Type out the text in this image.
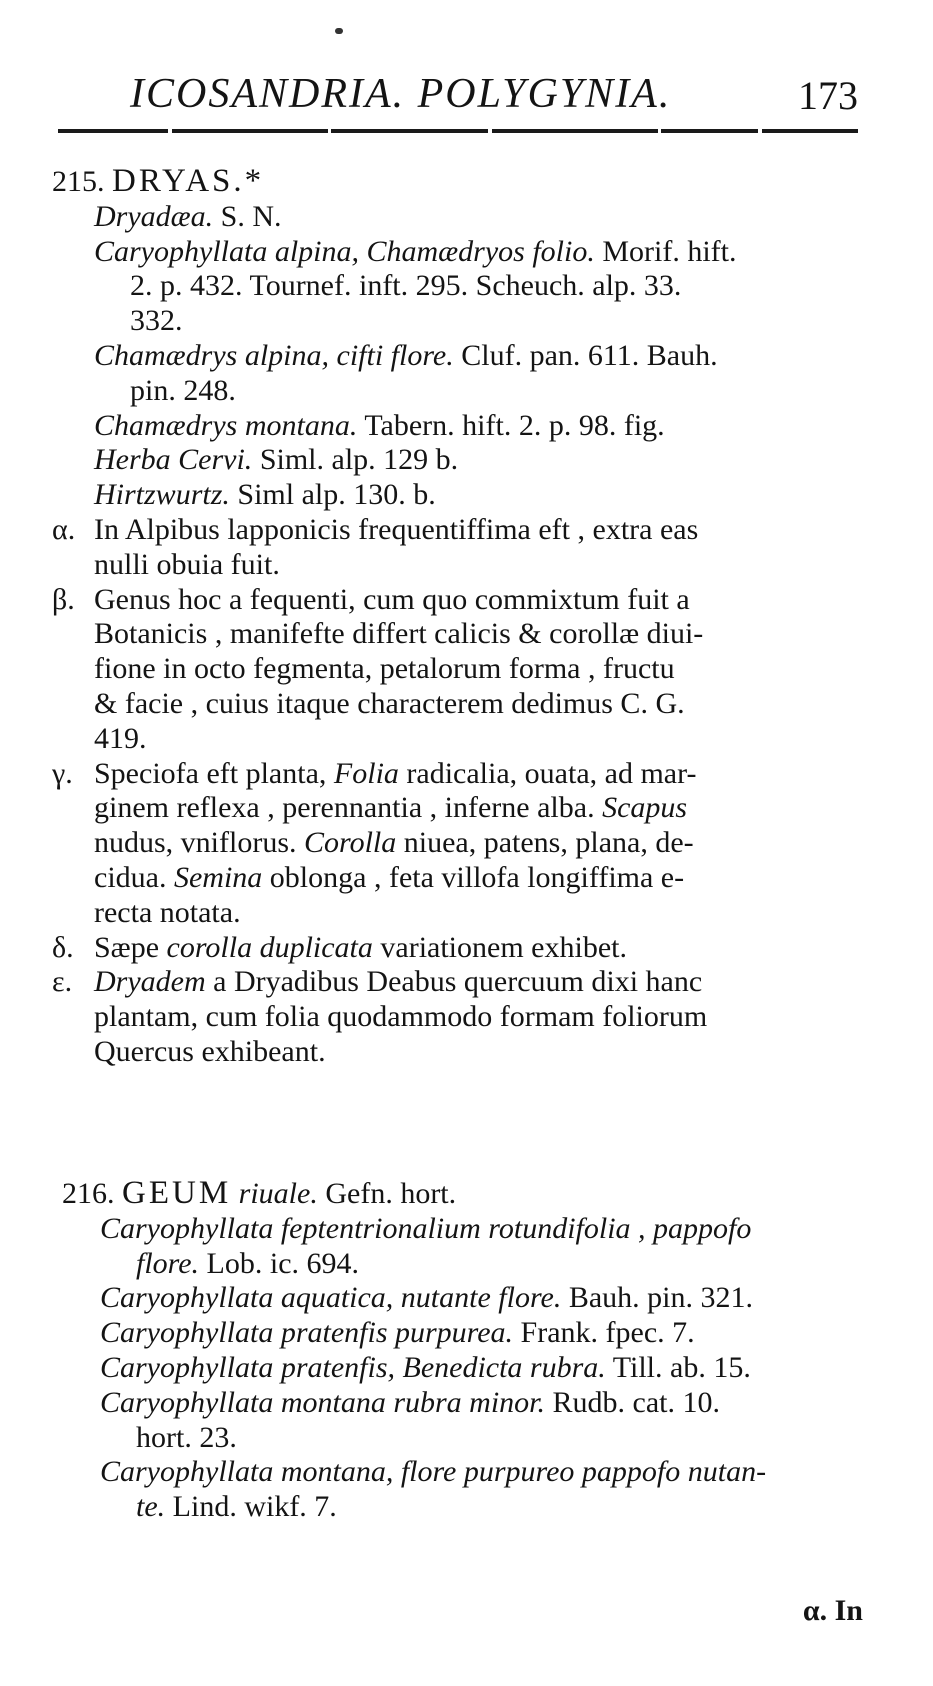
ICOSANDRIA. POLYGYNIA.	173
215. DRYAS.*
Dryadæa. S. N.
Caryophyllata alpina, Chamædryos folio. Morif. hift.
2. p. 432. Tournef. inft. 295. Scheuch. alp. 33.
332.
Chamædrys alpina, cifti flore. Cluf. pan. 611. Bauh.
pin. 248.
Chamædrys montana. Tabern. hift. 2. p. 98. fig.
Herba Cervi. Siml. alp. 129 b.
Hirtzwurtz. Siml alp. 130. b.
α. In Alpibus lapponicis frequentiffima eft , extra eas
nulli obuia fuit.
β. Genus hoc a fequenti, cum quo commixtum fuit a
Botanicis , manifefte differt calicis & corollæ diui-
fione in octo fegmenta, petalorum forma , fructu
& facie , cuius itaque characterem dedimus C. G.
419.
γ. Speciofa eft planta, Folia radicalia, ouata, ad mar-
ginem reflexa , perennantia , inferne alba. Scapus
nudus, vniflorus. Corolla niuea, patens, plana, de-
cidua. Semina oblonga , feta villofa longiffima e-
recta notata.
δ. Sæpe corolla duplicata variationem exhibet.
ε. Dryadem a Dryadibus Deabus quercuum dixi hanc
plantam, cum folia quodammodo formam foliorum
Quercus exhibeant.
216. GEUM riuale. Gefn. hort.
Caryophyllata feptentrionalium rotundifolia , pappofo
flore. Lob. ic. 694.
Caryophyllata aquatica, nutante flore. Bauh. pin. 321.
Caryophyllata pratenfis purpurea. Frank. fpec. 7.
Caryophyllata pratenfis, Benedicta rubra. Till. ab. 15.
Caryophyllata montana rubra minor. Rudb. cat. 10.
hort. 23.
Caryophyllata montana, flore purpureo pappofo nutan-
te. Lind. wikf. 7.
α. In
